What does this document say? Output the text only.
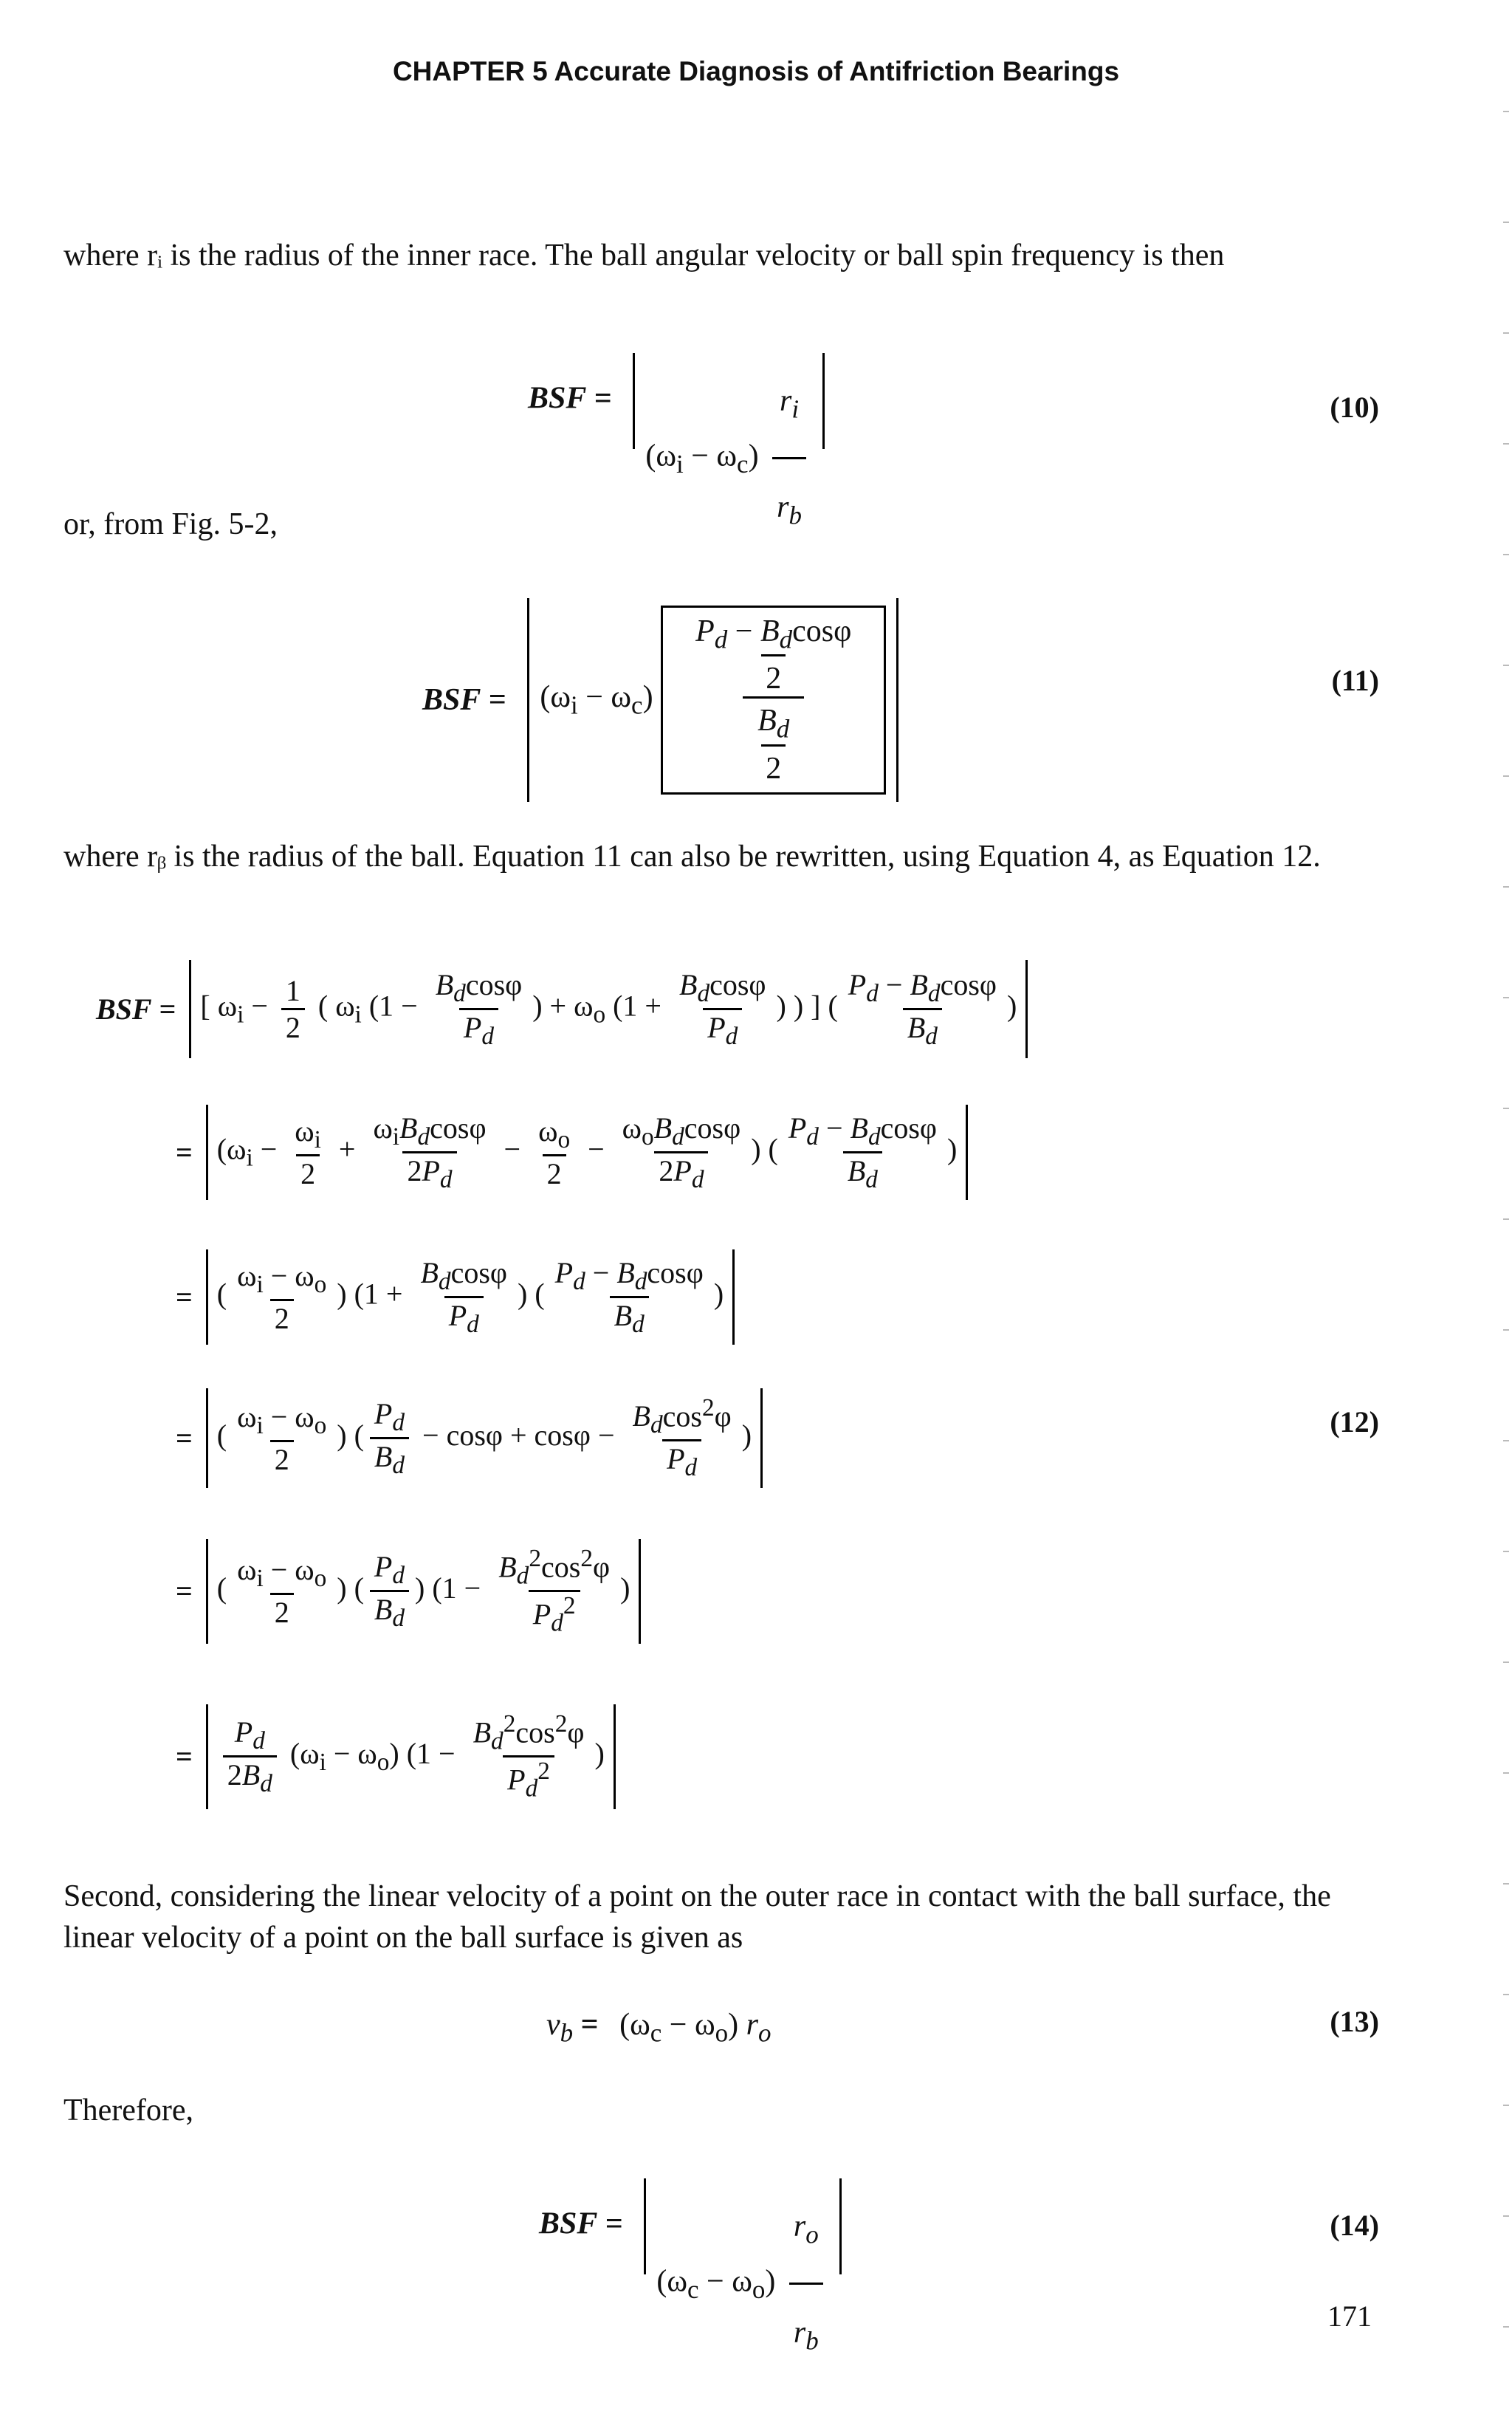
CHAPTER 5 Accurate Diagnosis of Antifriction Bearings
where rᵢ is the radius of the inner race. The ball angular velocity or ball spin frequency is then
BSF = $(\omega_i - \omega_c) \frac{r_i}{r_b}$	(10)
or, from Fig. 5-2,
BSF = $(\omega_i - \omega_c) \frac{\frac{P_d - B_d\cos\varphi}{2}}{\frac{B_d}{2}}$	(11)
where rᵦ is the radius of the ball. Equation 11 can also be rewritten, using Equation 4, as Equation 12.
BSF
= [ $\omega_i - \frac{1}{2}$ ( $\omega_i$ ($1 - \frac{B_d\cos\varphi}{P_d}$ ) + $\omega_o$ ($1 + \frac{B_d\cos\varphi}{P_d}$ ) ) ] ( $\frac{P_d - B_d\cos\varphi}{B_d}$ )
= ($\omega_i - \frac{\omega_i}{2} + \frac{\omega_iB_d\cos\varphi}{2P_d} - \frac{\omega_o}{2} - \frac{\omega_oB_d\cos\varphi}{2P_d}$ ) ( $\frac{P_d - B_d\cos\varphi}{B_d}$ )
= ( $\frac{\omega_i - \omega_o}{2}$ ) ($1 + \frac{B_d\cos\varphi}{P_d}$ ) ( $\frac{P_d - B_d\cos\varphi}{B_d}$ )
= ( $\frac{\omega_i - \omega_o}{2}$ ) ( $\frac{P_d}{B_d} - \cos\varphi + \cos\varphi - \frac{B_d\cos^2\varphi}{P_d}$ )	(12)
= ( $\frac{\omega_i - \omega_o}{2}$ ) ( $\frac{P_d}{B_d}$ ) ($1 - \frac{B_d^2\cos^2\varphi}{P_d^2}$ )
= $\frac{P_d}{2B_d} (\omega_i - \omega_o) (1 - \frac{B_d^2\cos^2\varphi}{P_d^2}$ )
Second, considering the linear velocity of a point on the outer race in contact with the ball surface, the linear velocity of a point on the ball surface is given as
$v_b = (\omega_c - \omega_o)$ $r_o$	(13)
Therefore,
BSF = $(\omega_c - \omega_o) \frac{r_o}{r_b}$	(14)
171
